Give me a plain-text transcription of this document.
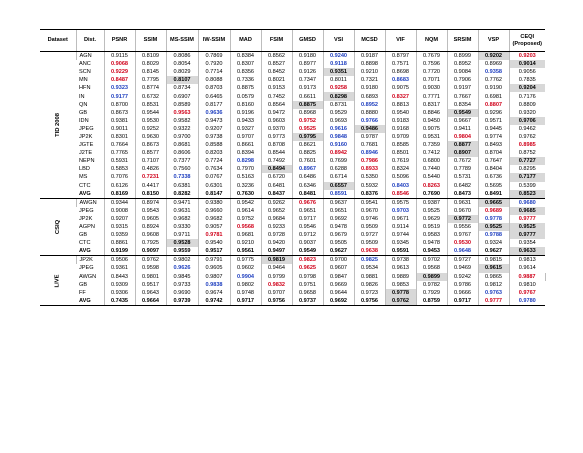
Dataset	Dist.	PSNR	SSIM	MS-SSIM	IW-SSIM	MAD	FSIM	GMSD	VSI	MCSD	VIF	NQM	SRSIM	VSP	CEQI
(Proposed)	

TID 2008	AGN	0.9115	0.8109	0.8086	0.7869	0.8384	0.8562	0.9180	0.9240	0.9187	0.8797	0.7679	0.8999	0.9202	0.9203	
	ANC	0.9068	0.8029	0.8054	0.7920	0.8307	0.8527	0.8977	0.9118	0.8898	0.7571	0.7596	0.8952	0.8969	0.9014	
	SCN	0.9229	0.8145	0.8029	0.7714	0.8356	0.8452	0.9126	0.9351	0.9210	0.8698	0.7720	0.9084	0.9358	0.9056	
	MN	0.8487	0.7795	0.8107	0.8088	0.7336	0.8021	0.7347	0.8011	0.7321	0.8683	0.7071	0.7906	0.7762	0.7835	
	HFN	0.9323	0.8774	0.8734	0.8703	0.8875	0.9153	0.9173	0.9258	0.9180	0.9075	0.9030	0.9197	0.9190	0.9204	
	IN	0.9177	0.6732	0.6907	0.6465	0.0579	0.7452	0.6611	0.8298	0.6893	0.8327	0.7771	0.7667	0.6981	0.7176	
	QN	0.8700	0.8531	0.8589	0.8177	0.8160	0.8564	0.8875	0.8731	0.8952	0.8813	0.8317	0.8354	0.8807	0.8809	
	GB	0.8673	0.9544	0.9563	0.9636	0.9196	0.9472	0.8968	0.9529	0.8880	0.9540	0.8846	0.9549	0.9296	0.9320	
	IDN	0.9381	0.9530	0.9582	0.9473	0.9433	0.9603	0.9752	0.9693	0.9766	0.9183	0.9450	0.9667	0.9571	0.9706	
	JPEG	0.9011	0.9252	0.9322	0.9207	0.9327	0.9370	0.9525	0.9616	0.9486	0.9168	0.9075	0.9411	0.9445	0.9462	
	JP2K	0.8301	0.9630	0.9700	0.9738	0.9707	0.9773	0.9795	0.9848	0.9787	0.9709	0.9531	0.9804	0.9774	0.9762	
	JGTE	0.7664	0.8673	0.8681	0.8588	0.8661	0.8708	0.8621	0.9160	0.7681	0.8585	0.7359	0.8877	0.8493	0.8985	
	J2TE	0.7765	0.8577	0.8606	0.8203	0.8394	0.8544	0.8825	0.8942	0.8946	0.8501	0.7412	0.8907	0.8704	0.8752	
	NEPN	0.5931	0.7107	0.7377	0.7724	0.8298	0.7492	0.7601	0.7699	0.7986	0.7619	0.6800	0.7672	0.7647	0.7727	
	LBD	0.5853	0.4826	0.7560	0.7634	0.7970	0.8494	0.8967	0.6288	0.8933	0.8324	0.7440	0.7789	0.8404	0.8295	
	MS	0.7076	0.7231	0.7338	0.0767	0.5163	0.6720	0.6486	0.6714	0.5350	0.5096	0.5440	0.5731	0.6736	0.7177	
	CTC	0.6126	0.4417	0.6381	0.6301	0.3236	0.6481	0.6346	0.6557	0.5932	0.8403	0.8263	0.6482	0.5695	0.5399	
	AVG	0.8169	0.8150	0.8282	0.8147	0.7630	0.8437	0.8481	0.8591	0.8376	0.8546	0.7690	0.8473	0.8491	0.8523	
CSIQ	AWGN	0.9344	0.8974	0.9471	0.9380	0.9542	0.9262	0.9676	0.9637	0.9541	0.9575	0.9387	0.9631	0.9665	0.9680	
	JPEG	0.9008	0.9543	0.9631	0.9660	0.9614	0.9652	0.9651	0.9651	0.9670	0.9703	0.9525	0.9670	0.9689	0.9685	
	JP2K	0.9207	0.9605	0.9682	0.9682	0.9752	0.9684	0.9717	0.9692	0.9746	0.9671	0.9629	0.9772	0.9778	0.9777	
	AGPN	0.9315	0.8924	0.9330	0.9057	0.9568	0.9233	0.9546	0.9478	0.9509	0.9114	0.9519	0.9556	0.9525	0.9525	
	GB	0.9359	0.9608	0.9711	0.9781	0.9681	0.9728	0.9712	0.9679	0.9727	0.9744	0.9583	0.9767	0.9788	0.9777	
	CTC	0.8861	0.7925	0.9528	0.9540	0.9210	0.9420	0.9037	0.9505	0.9509	0.9345	0.9478	0.9530	0.9324	0.9354	
	AVG	0.9199	0.9097	0.9559	0.9517	0.9561	0.9497	0.9549	0.9627	0.9638	0.9591	0.9453	0.9648	0.9627	0.9633	
LIVE	JP2K	0.9506	0.9762	0.9802	0.9791	0.9775	0.9819	0.9823	0.9700	0.9825	0.9738	0.9702	0.9727	0.9815	0.9813	
	JPEG	0.9361	0.9598	0.9626	0.9605	0.9602	0.9464	0.9625	0.9607	0.9534	0.9613	0.9568	0.9469	0.9615	0.9614	
	AWGN	0.8443	0.9801	0.9845	0.9807	0.9904	0.9799	0.9798	0.9847	0.9881	0.9889	0.9899	0.9242	0.9865	0.9887	
	GB	0.9309	0.9517	0.9733	0.9838	0.9802	0.9832	0.9751	0.9669	0.9826	0.9853	0.9782	0.9786	0.9812	0.9810	
	FF	0.9306	0.9643	0.9690	0.9674	0.9748	0.9707	0.9658	0.9644	0.9723	0.9778	0.7929	0.9666	0.9763	0.9767	
	AVG	0.7435	0.9664	0.9739	0.9742	0.9717	0.9756	0.9737	0.9692	0.9756	0.9762	0.8759	0.9717	0.9777	0.9780	
